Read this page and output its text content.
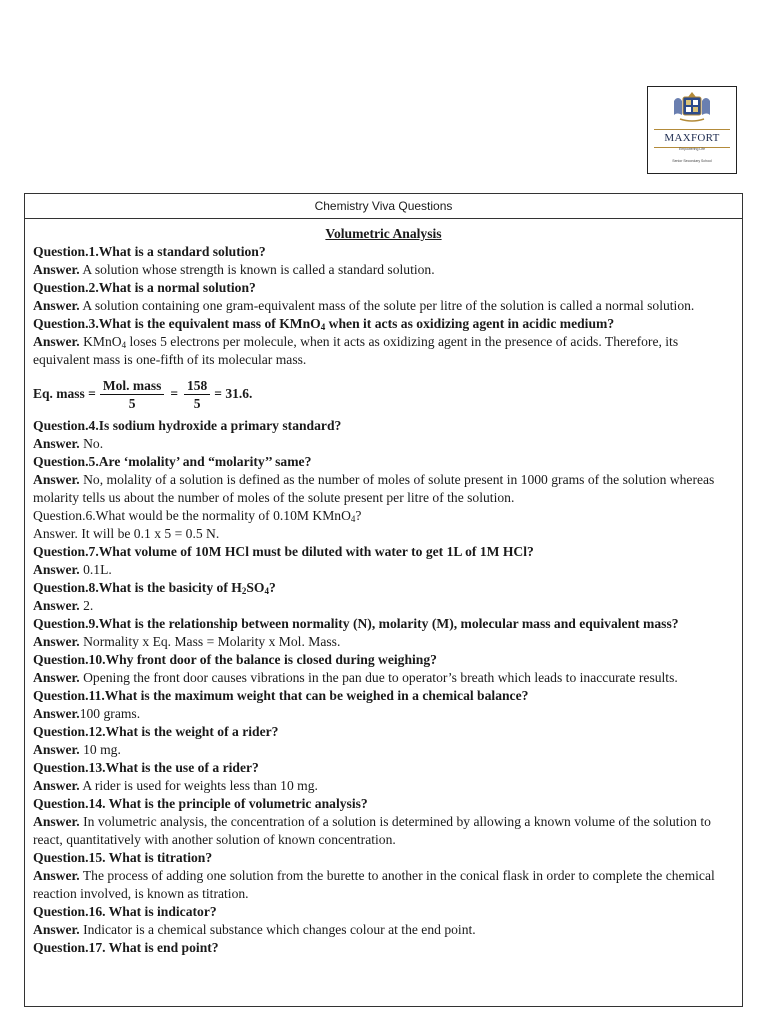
MAXFORT
Empowering Life
Senior Secondary School
Chemistry Viva Questions
Volumetric Analysis

Question.1.What is a standard solution?

Answer. A solution whose strength is known is called a standard solution.

Question.2.What is a normal solution?

Answer. A solution containing one gram-equivalent mass of the solute per litre of the solution is called a normal solution.

Question.3.What is the equivalent mass of KMnO$_4$ when it acts as oxidizing agent in acidic medium?

Answer. KMnO$_4$ loses 5 electrons per molecule, when it acts as oxidizing agent in the presence of acids. Therefore, its equivalent mass is one-fifth of its molecular mass.

Eq. mass = $\frac{\text{Mol. mass}}{5} = \frac{158}{5} = 31.6$.

Question.4.Is sodium hydroxide a primary standard?

Answer. No.

Question.5.Are ‘molality’ and “molarity’’ same?

Answer. No, molality of a solution is defined as the number of moles of solute present in 1000 grams of the solution whereas molarity tells us about the number of moles of the solute present per litre of the solution.

Question.6.What would be the normality of 0.10M KMnO$_4$?

Answer. It will be 0.1 x 5 = 0.5 N.

Question.7.What volume of 10M HCl must be diluted with water to get 1L of 1M HCl?

Answer. 0.1L.

Question.8.What is the basicity of $H_2SO_4$?

Answer. 2.

Question.9.What is the relationship between normality (N), molarity (M), molecular mass and equivalent mass?

Answer. Normality x Eq. Mass = Molarity x Mol. Mass.

Question.10.Why front door of the balance is closed during weighing?

Answer. Opening the front door causes vibrations in the pan due to operator’s breath which leads to inaccurate results.

Question.11.What is the maximum weight that can be weighed in a chemical balance?

Answer.100 grams.

Question.12.What is the weight of a rider?

Answer. 10 mg.

Question.13.What is the use of a rider?

Answer. A rider is used for weights less than 10 mg.

Question.14. What is the principle of volumetric analysis?

Answer. In volumetric analysis, the concentration of a solution is determined by allowing a known volume of the solution to react, quantitatively with another solution of known concentration.

Question.15. What is titration?

Answer. The process of adding one solution from the burette to another in the conical flask in order to complete the chemical reaction involved, is known as titration.

Question.16. What is indicator?

Answer. Indicator is a chemical substance which changes colour at the end point.

Question.17. What is end point?
